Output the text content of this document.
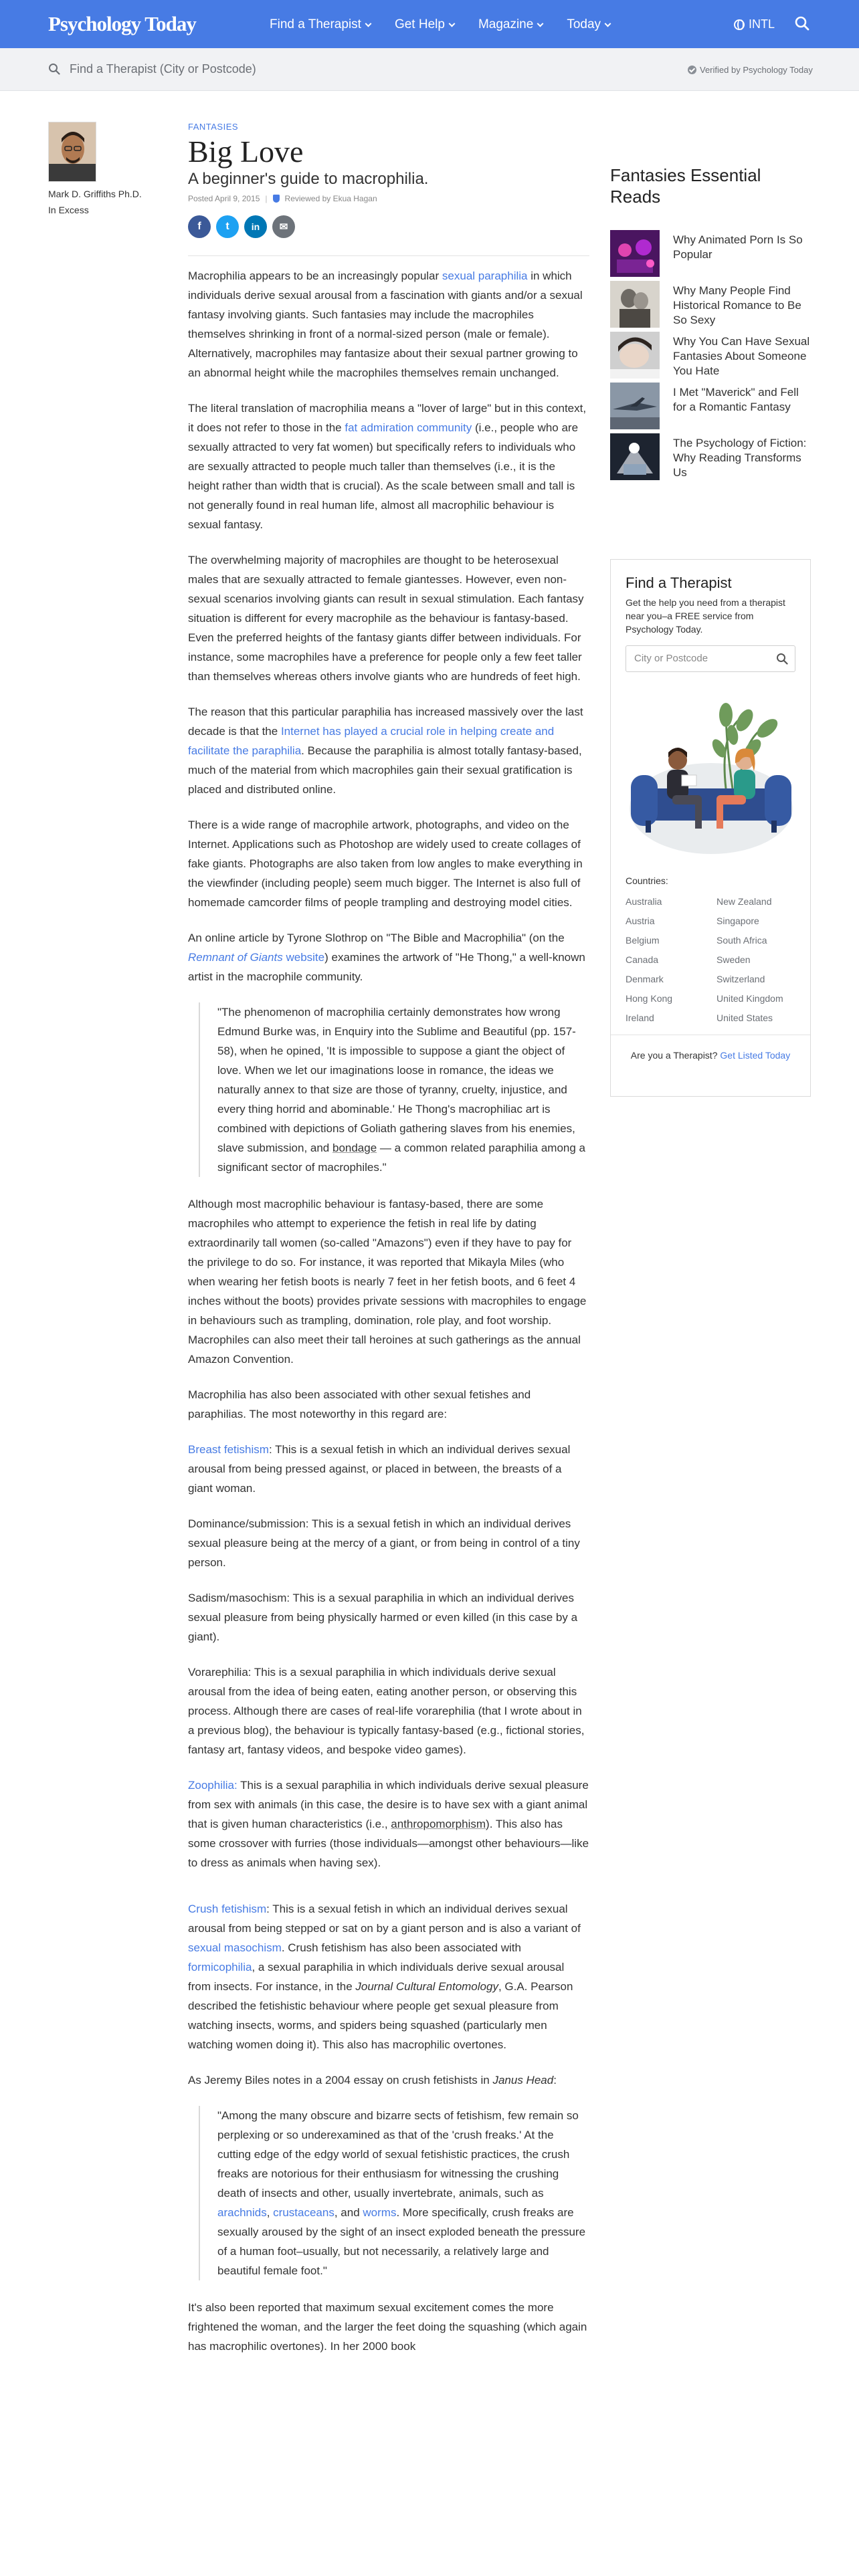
Psychology Today	Find a Therapist	Get Help	Magazine	Today	INTL
Find a Therapist (City or Postcode)	Verified by Psychology Today
Mark D. Griffiths Ph.D.
In Excess
FANTASIES
Big Love
A beginner's guide to macrophilia.
Posted April 9, 2015 | Reviewed by Ekua Hagan
f	t	in	✉

Macrophilia appears to be an increasingly popular sexual paraphilia in which individuals derive sexual arousal from a fascination with giants and/or a sexual fantasy involving giants. Such fantasies may include the macrophiles themselves shrinking in front of a normal-sized person (male or female). Alternatively, macrophiles may fantasize about their sexual partner growing to an abnormal height while the macrophiles themselves remain unchanged.

The literal translation of macrophilia means a "lover of large" but in this context, it does not refer to those in the fat admiration community (i.e., people who are sexually attracted to very fat women) but specifically refers to individuals who are sexually attracted to people much taller than themselves (i.e., it is the height rather than width that is crucial). As the scale between small and tall is not generally found in real human life, almost all macrophilic behaviour is sexual fantasy.

The overwhelming majority of macrophiles are thought to be heterosexual males that are sexually attracted to female giantesses. However, even non-sexual scenarios involving giants can result in sexual stimulation. Each fantasy situation is different for every macrophile as the behaviour is fantasy-based. Even the preferred heights of the fantasy giants differ between individuals. For instance, some macrophiles have a preference for people only a few feet taller than themselves whereas others involve giants who are hundreds of feet high.

The reason that this particular paraphilia has increased massively over the last decade is that the Internet has played a crucial role in helping create and facilitate the paraphilia. Because the paraphilia is almost totally fantasy-based, much of the material from which macrophiles gain their sexual gratification is placed and distributed online.

There is a wide range of macrophile artwork, photographs, and video on the Internet. Applications such as Photoshop are widely used to create collages of fake giants. Photographs are also taken from low angles to make everything in the viewfinder (including people) seem much bigger. The Internet is also full of homemade camcorder films of people trampling and destroying model cities.

An online article by Tyrone Slothrop on "The Bible and Macrophilia" (on the Remnant of Giants website) examines the artwork of "He Thong," a well-known artist in the macrophile community.

"The phenomenon of macrophilia certainly demonstrates how wrong Edmund Burke was, in Enquiry into the Sublime and Beautiful (pp. 157-58), when he opined, 'It is impossible to suppose a giant the object of love. When we let our imaginations loose in romance, the ideas we naturally annex to that size are those of tyranny, cruelty, injustice, and every thing horrid and abominable.' He Thong's macrophiliac art is combined with depictions of Goliath gathering slaves from his enemies, slave submission, and bondage — a common related paraphilia among a significant sector of macrophiles."

Although most macrophilic behaviour is fantasy-based, there are some macrophiles who attempt to experience the fetish in real life by dating extraordinarily tall women (so-called "Amazons") even if they have to pay for the privilege to do so. For instance, it was reported that Mikayla Miles (who when wearing her fetish boots is nearly 7 feet in her fetish boots, and 6 feet 4 inches without the boots) provides private sessions with macrophiles to engage in behaviours such as trampling, domination, role play, and foot worship. Macrophiles can also meet their tall heroines at such gatherings as the annual Amazon Convention.

Macrophilia has also been associated with other sexual fetishes and paraphilias. The most noteworthy in this regard are:

Breast fetishism: This is a sexual fetish in which an individual derives sexual arousal from being pressed against, or placed in between, the breasts of a giant woman.

Dominance/submission: This is a sexual fetish in which an individual derives sexual pleasure being at the mercy of a giant, or from being in control of a tiny person.

Sadism/masochism: This is a sexual paraphilia in which an individual derives sexual pleasure from being physically harmed or even killed (in this case by a giant).

Vorarephilia: This is a sexual paraphilia in which individuals derive sexual arousal from the idea of being eaten, eating another person, or observing this process. Although there are cases of real-life vorarephilia (that I wrote about in a previous blog), the behaviour is typically fantasy-based (e.g., fictional stories, fantasy art, fantasy videos, and bespoke video games).

Zoophilia: This is a sexual paraphilia in which individuals derive sexual pleasure from sex with animals (in this case, the desire is to have sex with a giant animal that is given human characteristics (i.e., anthropomorphism). This also has some crossover with furries (those individuals—amongst other behaviours—like to dress as animals when having sex).

Crush fetishism: This is a sexual fetish in which an individual derives sexual arousal from being stepped or sat on by a giant person and is also a variant of sexual masochism. Crush fetishism has also been associated with formicophilia, a sexual paraphilia in which individuals derive sexual arousal from insects. For instance, in the Journal Cultural Entomology, G.A. Pearson described the fetishistic behaviour where people get sexual pleasure from watching insects, worms, and spiders being squashed (particularly men watching women doing it). This also has macrophilic overtones.

As Jeremy Biles notes in a 2004 essay on crush fetishists in Janus Head:

"Among the many obscure and bizarre sects of fetishism, few remain so perplexing or so underexamined as that of the 'crush freaks.' At the cutting edge of the edgy world of sexual fetishistic practices, the crush freaks are notorious for their enthusiasm for witnessing the crushing death of insects and other, usually invertebrate, animals, such as arachnids, crustaceans, and worms. More specifically, crush freaks are sexually aroused by the sight of an insect exploded beneath the pressure of a human foot–usually, but not necessarily, a relatively large and beautiful female foot."

It's also been reported that maximum sexual excitement comes the more frightened the woman, and the larger the feet doing the squashing (which again has macrophilic overtones). In her 2000 book

Fantasies Essential Reads
Why Animated Porn Is So Popular
Why Many People Find Historical Romance to Be So Sexy
Why You Can Have Sexual Fantasies About Someone You Hate
I Met "Maverick" and Fell for a Romantic Fantasy
The Psychology of Fiction: Why Reading Transforms Us
Find a Therapist
Get the help you need from a therapist near you–a FREE service from Psychology Today.
City or Postcode
Countries:
Australia	New Zealand
Austria	Singapore
Belgium	South Africa
Canada	Sweden
Denmark	Switzerland
Hong Kong	United Kingdom
Ireland	United States
Are you a Therapist? Get Listed Today
